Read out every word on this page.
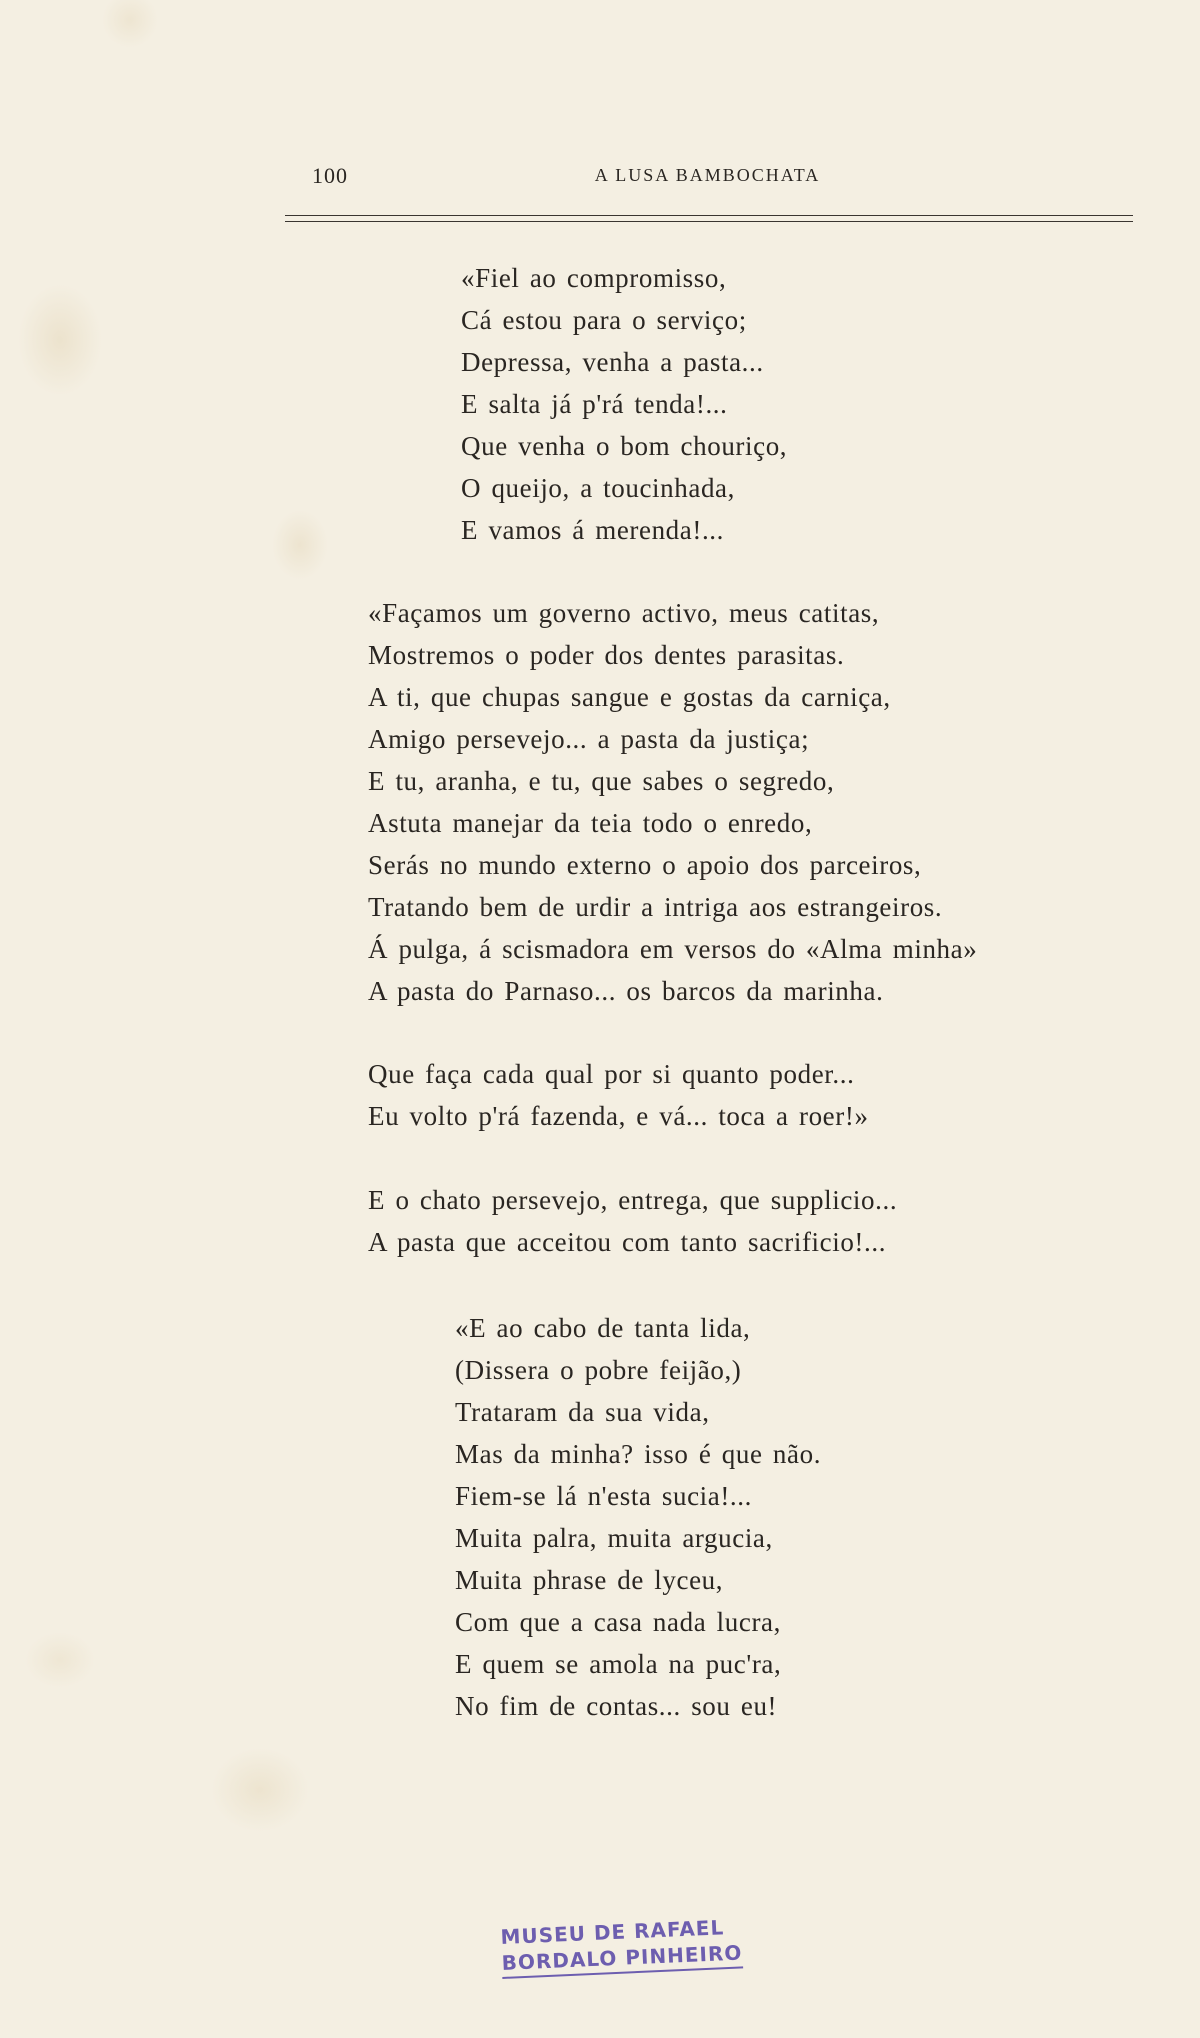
100	A LUSA BAMBOCHATA
«Fiel ao compromisso,
Cá estou para o serviço;
Depressa, venha a pasta...
E salta já p'rá tenda!...
Que venha o bom chouriço,
O queijo, a toucinhada,
E vamos á merenda!...
«Façamos um governo activo, meus catitas,
Mostremos o poder dos dentes parasitas.
A ti, que chupas sangue e gostas da carniça,
Amigo persevejo... a pasta da justiça;
E tu, aranha, e tu, que sabes o segredo,
Astuta manejar da teia todo o enredo,
Serás no mundo externo o apoio dos parceiros,
Tratando bem de urdir a intriga aos estrangeiros.
Á pulga, á scismadora em versos do «Alma minha»
A pasta do Parnaso... os barcos da marinha.
Que faça cada qual por si quanto poder...
Eu volto p'rá fazenda, e vá... toca a roer!»
E o chato persevejo, entrega, que supplicio...
A pasta que acceitou com tanto sacrificio!...
«E ao cabo de tanta lida,
(Dissera o pobre feijão,)
Trataram da sua vida,
Mas da minha? isso é que não.
Fiem-se lá n'esta sucia!...
Muita palra, muita argucia,
Muita phrase de lyceu,
Com que a casa nada lucra,
E quem se amola na puc'ra,
No fim de contas... sou eu!
MUSEU DE RAFAEL
BORDALO PINHEIRO
